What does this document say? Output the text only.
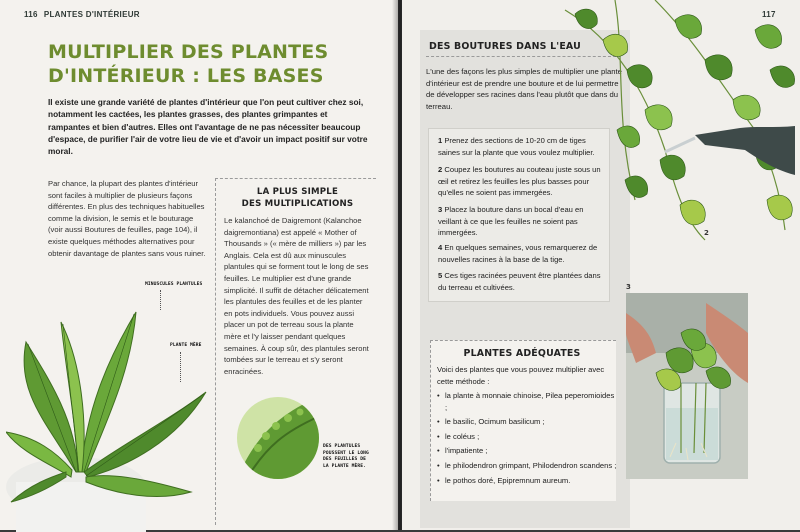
116 PLANTES D'INTÉRIEUR
MULTIPLIER DES PLANTES
D'INTÉRIEUR : LES BASES
Il existe une grande variété de plantes d'intérieur que l'on peut cultiver chez soi, notamment les cactées, les plantes grasses, des plantes grimpantes et rampantes et bien d'autres. Elles ont l'avantage de ne pas nécessiter beaucoup d'espace, de purifier l'air de votre lieu de vie et d'avoir un impact positif sur votre moral.
Par chance, la plupart des plantes d'intérieur sont faciles à multiplier de plusieurs façons différentes. En plus des techniques habituelles comme la division, le semis et le bouturage (voir aussi Boutures de feuilles, page 104), il existe quelques méthodes alternatives pour obtenir davantage de plantes sans vous ruiner.
LA PLUS SIMPLE
DES MULTIPLICATIONS
Le kalanchoé de Daigremont (Kalanchoe daigremontiana) est appelé « Mother of Thousands » (« mère de milliers ») par les Anglais. Cela est dû aux minuscules plantules qui se forment tout le long de ses feuilles. Le multiplier est d'une grande simplicité. Il suffit de détacher délicatement les plantules des feuilles et de les planter en pots individuels. Vous pouvez aussi placer un pot de terreau sous la plante mère et l'y laisser pendant quelques semaines. À coup sûr, des plantules seront tombées sur le terreau et s'y seront enracinées.
MINUSCULES PLANTULES
PLANTE MÈRE
DES PLANTULES POUSSENT LE LONG DES FEUILLES DE LA PLANTE MÈRE.
117
DES BOUTURES DANS L'EAU
L'une des façons les plus simples de multiplier une plante d'intérieur est de prendre une bouture et de lui permettre de développer ses racines dans l'eau plutôt que dans du terreau.
1 Prenez des sections de 10-20 cm de tiges saines sur la plante que vous voulez multiplier.
2 Coupez les boutures au couteau juste sous un œil et retirez les feuilles les plus basses pour qu'elles ne soient pas immergées.
3 Placez la bouture dans un bocal d'eau en veillant à ce que les feuilles ne soient pas immergées.
4 En quelques semaines, vous remarquerez de nouvelles racines à la base de la tige.
5 Ces tiges racinées peuvent être plantées dans du terreau et cultivées.
PLANTES ADÉQUATES
Voici des plantes que vous pouvez multiplier avec cette méthode :
• la plante à monnaie chinoise, Pilea peperomioides ;
• le basilic, Ocimum basilicum ;
• le coléus ;
• l'impatiente ;
• le philodendron grimpant, Philodendron scandens ;
• le pothos doré, Epipremnum aureum.
2
3
